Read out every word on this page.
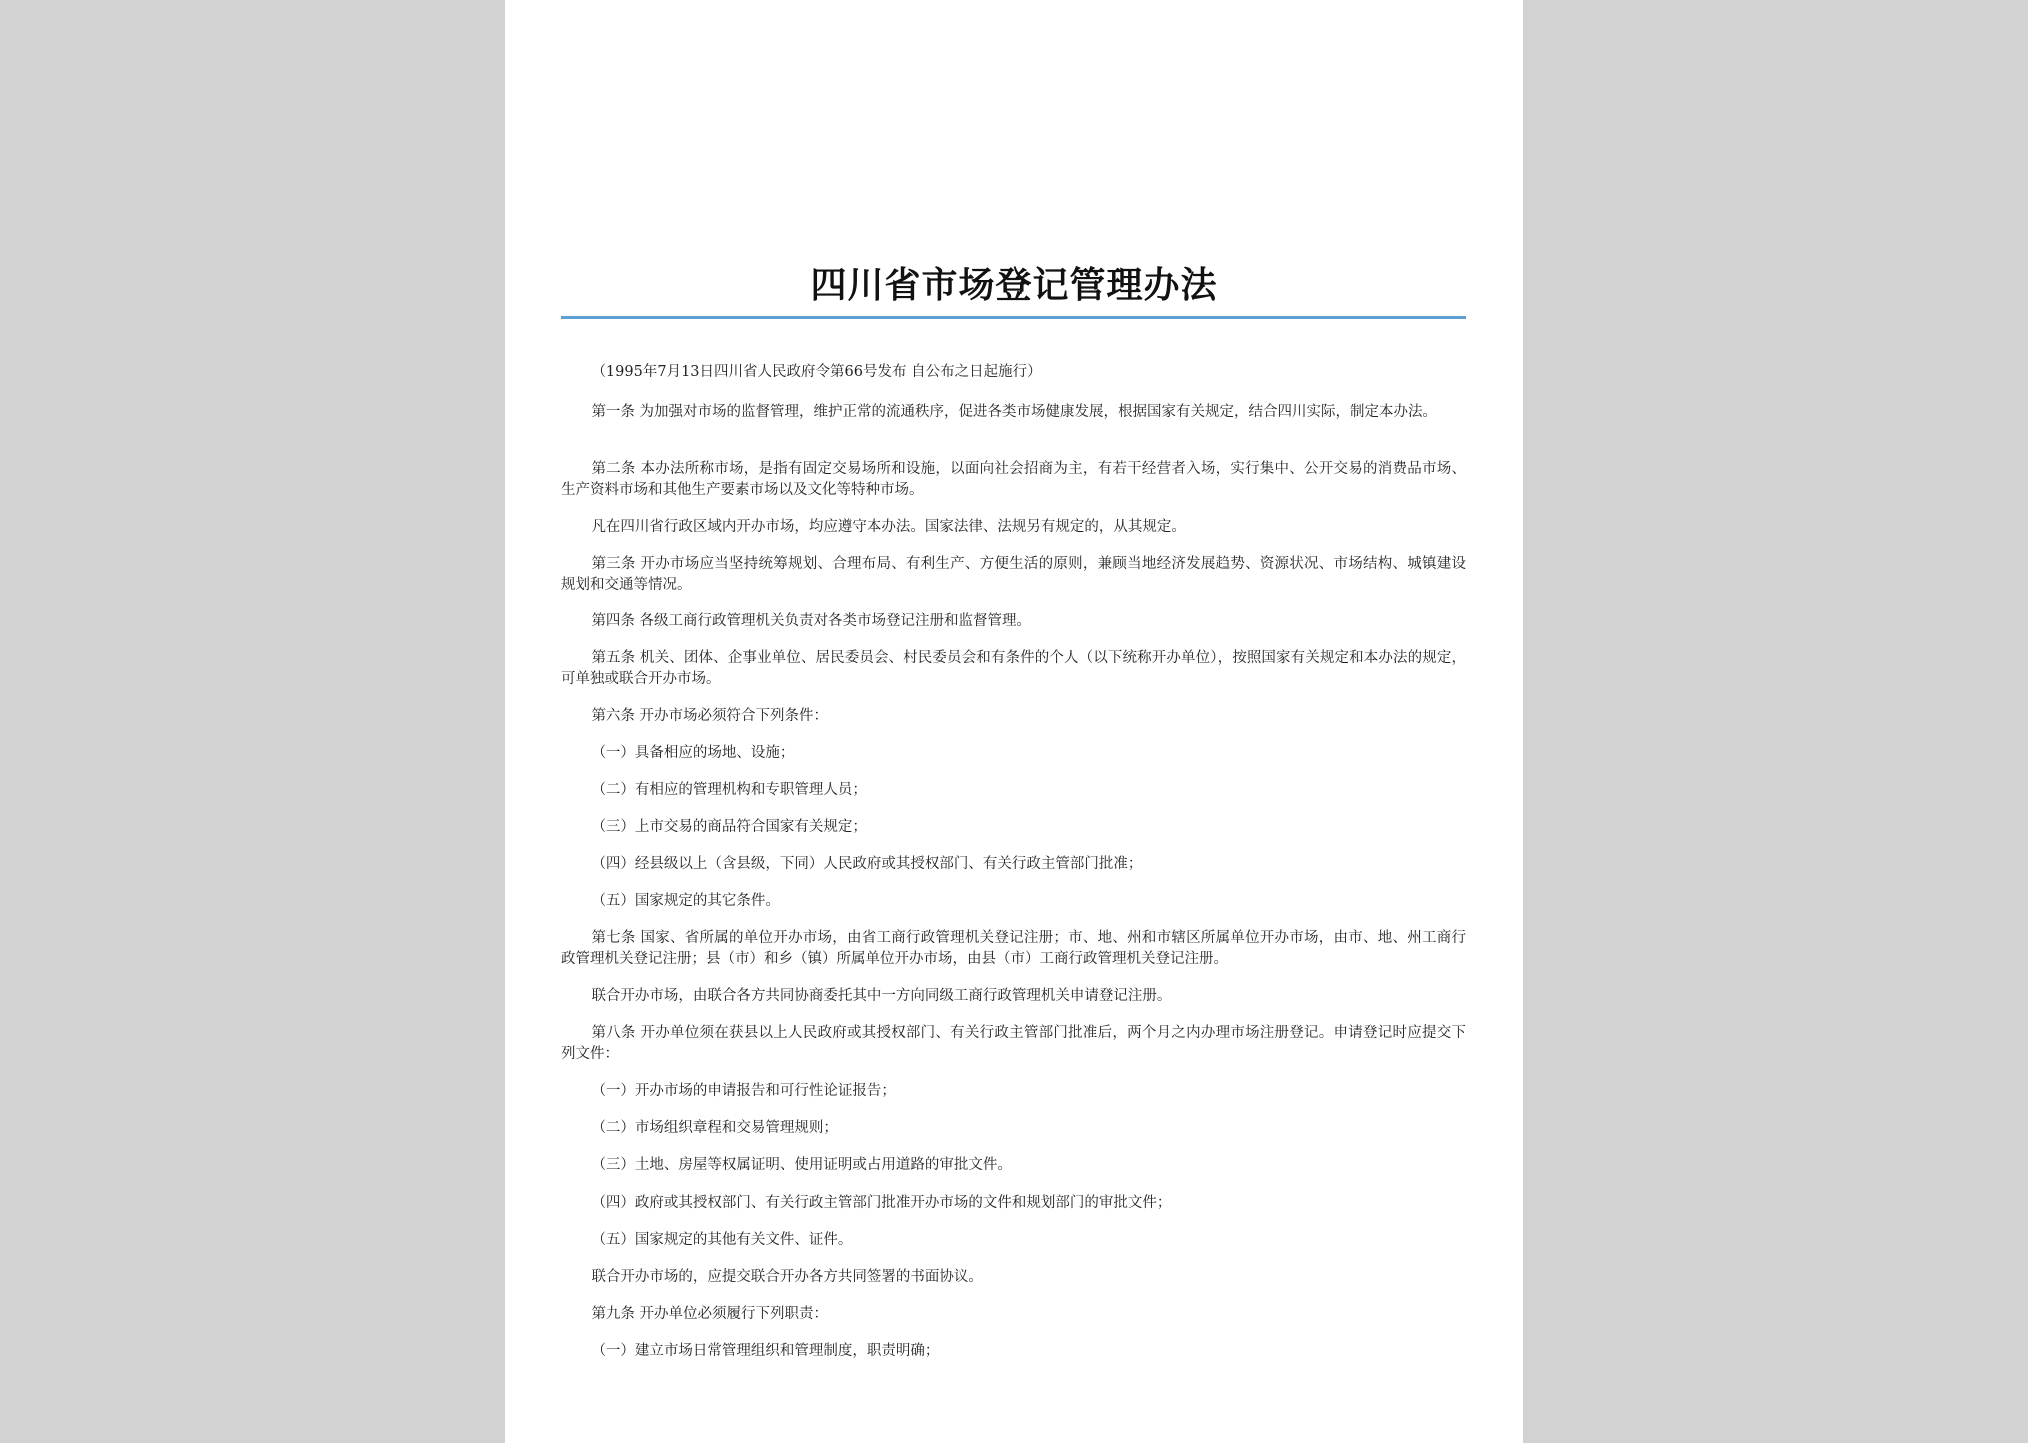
四川省市场登记管理办法

（1995年7月13日四川省人民政府令第66号发布 自公布之日起施行）

第一条 为加强对市场的监督管理，维护正常的流通秩序，促进各类市场健康发展，根据国家有关规定，结合四川实际，制定本办法。

第二条 本办法所称市场，是指有固定交易场所和设施，以面向社会招商为主，有若干经营者入场，实行集中、公开交易的消费品市场、生产资料市场和其他生产要素市场以及文化等特种市场。

凡在四川省行政区域内开办市场，均应遵守本办法。国家法律、法规另有规定的，从其规定。

第三条 开办市场应当坚持统筹规划、合理布局、有利生产、方便生活的原则，兼顾当地经济发展趋势、资源状况、市场结构、城镇建设规划和交通等情况。

第四条 各级工商行政管理机关负责对各类市场登记注册和监督管理。

第五条 机关、团体、企事业单位、居民委员会、村民委员会和有条件的个人（以下统称开办单位），按照国家有关规定和本办法的规定，可单独或联合开办市场。

第六条 开办市场必须符合下列条件：

（一）具备相应的场地、设施；

（二）有相应的管理机构和专职管理人员；

（三）上市交易的商品符合国家有关规定；

（四）经县级以上（含县级，下同）人民政府或其授权部门、有关行政主管部门批准；

（五）国家规定的其它条件。

第七条 国家、省所属的单位开办市场，由省工商行政管理机关登记注册；市、地、州和市辖区所属单位开办市场，由市、地、州工商行政管理机关登记注册；县（市）和乡（镇）所属单位开办市场，由县（市）工商行政管理机关登记注册。

联合开办市场，由联合各方共同协商委托其中一方向同级工商行政管理机关申请登记注册。

第八条 开办单位须在获县以上人民政府或其授权部门、有关行政主管部门批准后，两个月之内办理市场注册登记。申请登记时应提交下列文件：

（一）开办市场的申请报告和可行性论证报告；

（二）市场组织章程和交易管理规则；

（三）土地、房屋等权属证明、使用证明或占用道路的审批文件。

（四）政府或其授权部门、有关行政主管部门批准开办市场的文件和规划部门的审批文件；

（五）国家规定的其他有关文件、证件。

联合开办市场的，应提交联合开办各方共同签署的书面协议。

第九条 开办单位必须履行下列职责：

（一）建立市场日常管理组织和管理制度，职责明确；
